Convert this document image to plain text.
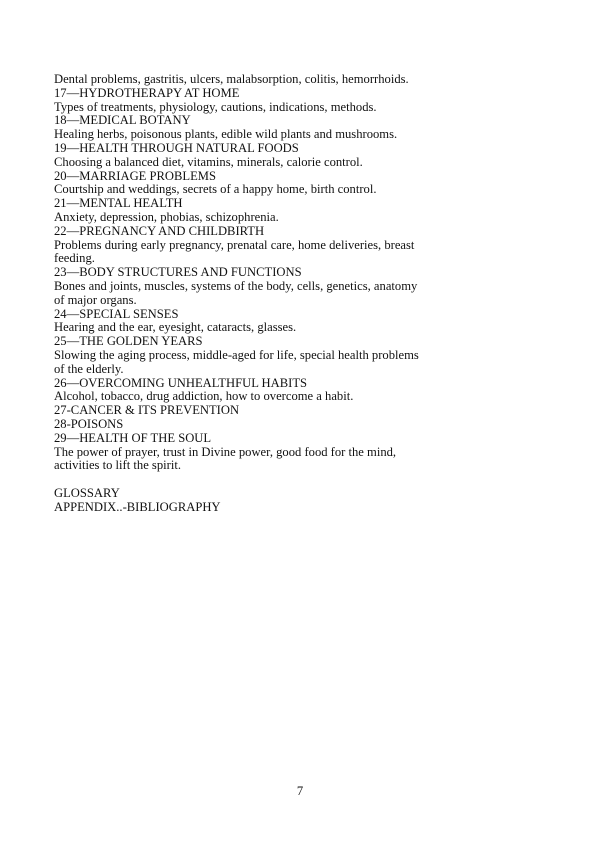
Dental problems, gastritis, ulcers, malabsorption, colitis, hemorrhoids.
17—HYDROTHERAPY AT HOME
Types of treatments, physiology, cautions, indications, methods.
18—MEDICAL BOTANY
Healing herbs, poisonous plants, edible wild plants and mushrooms.
19—HEALTH THROUGH NATURAL FOODS
Choosing a balanced diet, vitamins, minerals, calorie control.
20—MARRIAGE PROBLEMS
Courtship and weddings, secrets of a happy home, birth control.
21—MENTAL HEALTH
Anxiety, depression, phobias, schizophrenia.
22—PREGNANCY AND CHILDBIRTH
Problems during early pregnancy, prenatal care, home deliveries, breast
feeding.
23—BODY STRUCTURES AND FUNCTIONS
Bones and joints, muscles, systems of the body, cells, genetics, anatomy
of major organs.
24—SPECIAL SENSES
Hearing and the ear, eyesight, cataracts, glasses.
25—THE GOLDEN YEARS
Slowing the aging process, middle-aged for life, special health problems
of the elderly.
26—OVERCOMING UNHEALTHFUL HABITS
Alcohol, tobacco, drug addiction, how to overcome a habit.
27-CANCER & ITS PREVENTION
28-POISONS
29—HEALTH OF THE SOUL
The power of prayer, trust in Divine power, good food for the mind,
activities to lift the spirit.
GLOSSARY
APPENDIX..-BIBLIOGRAPHY
7
